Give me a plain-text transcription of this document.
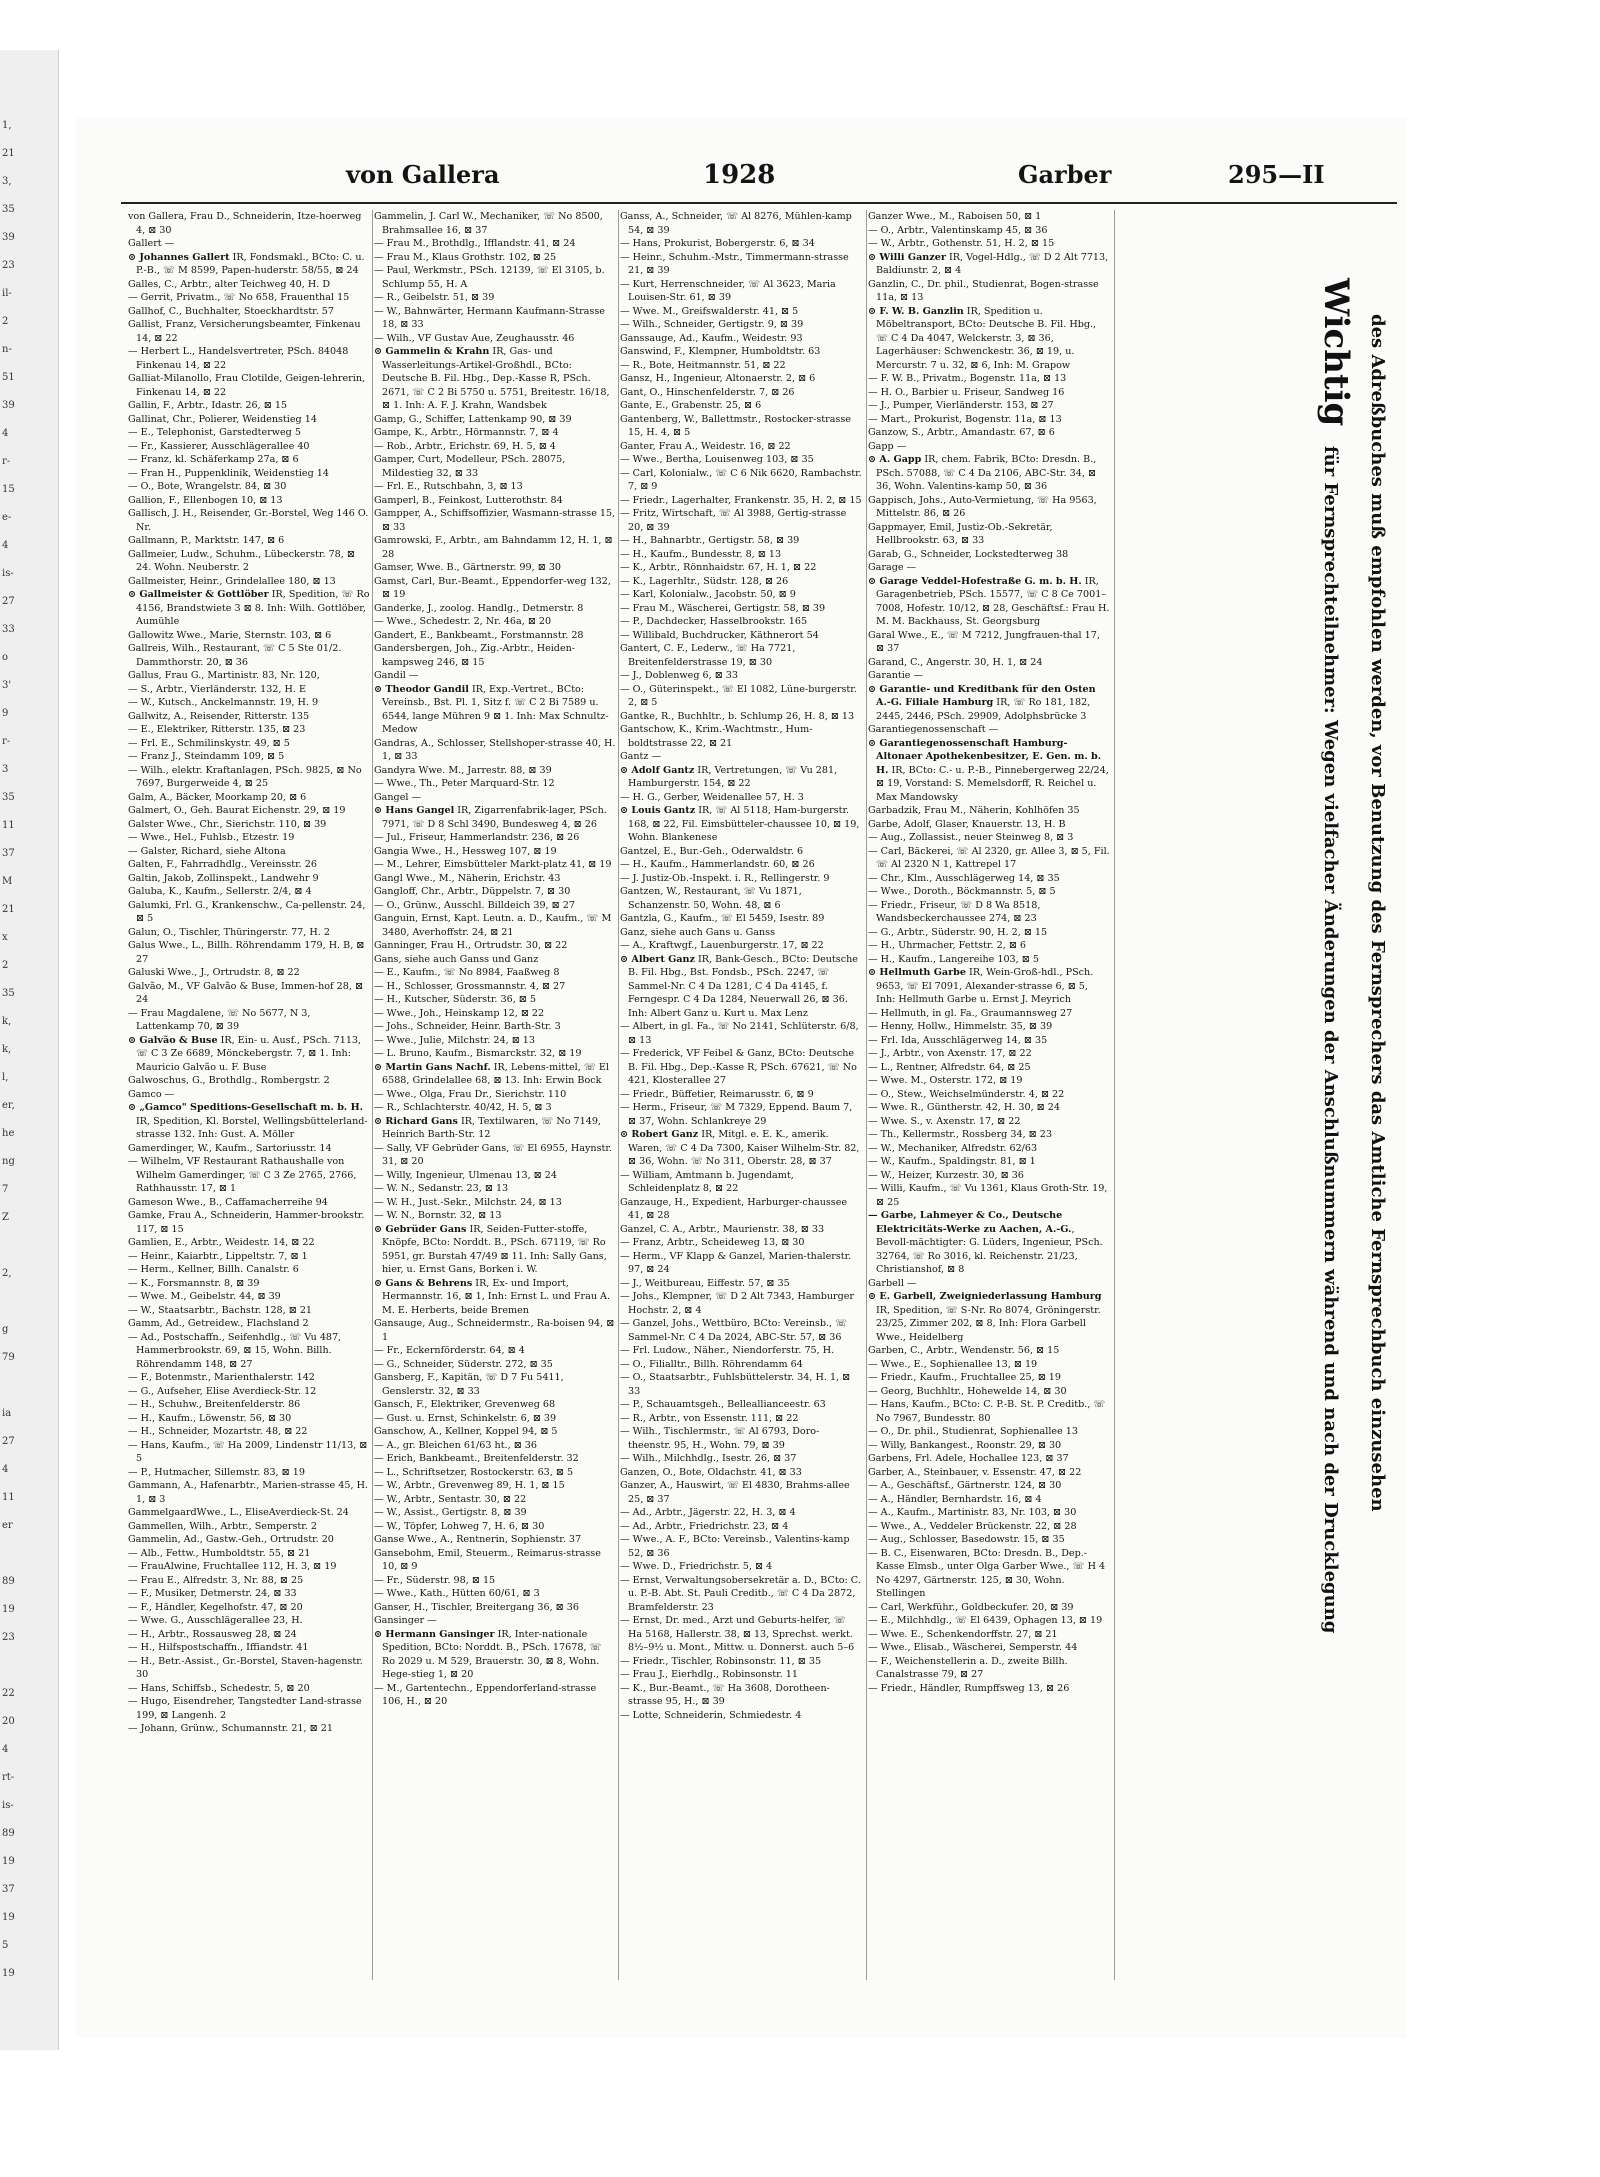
1,
21
3,
35
39
23
il-
2
n-
51
39
4
r-
15
e-
4
is-
27
33
o
3'
9
r-
3
35
11
37
M
21
x
2
35
k,
k,
l,
er,
he
ng
7
Z
2,
g
79
ia
27
4
11
er
89
19
23
22
20
4
rt-
is-
89
19
37
19
5
19
von Gallera	1928	Garber	295—II
von Gallera, Frau D., Schneiderin, Itze-hoerweg 4, ⊠ 30
Gallert —
⊙ Johannes Gallert IR, Fondsmakl., BCto: C. u. P.-B., ☏ M 8599, Papen-huderstr. 58/55, ⊠ 24
Galles, C., Arbtr., alter Teichweg 40, H. D
— Gerrit, Privatm., ☏ No 658, Frauenthal 15
Gallhof, C., Buchhalter, Stoeckhardtstr. 57
Gallist, Franz, Versicherungsbeamter, Finkenau 14, ⊠ 22
— Herbert L., Handelsvertreter, PSch. 84048 Finkenau 14, ⊠ 22
Galliat-Milanollo, Frau Clotilde, Geigen-lehrerin, Finkenau 14, ⊠ 22
Gallin, F., Arbtr., Idastr. 26, ⊠ 15
Gallinat, Chr., Polierer, Weidenstieg 14
— E., Telephonist, Garstedterweg 5
— Fr., Kassierer, Ausschlägerallee 40
— Franz, kl. Schäferkamp 27a, ⊠ 6
— Fran H., Puppenklinik, Weidenstieg 14
— O., Bote, Wrangelstr. 84, ⊠ 30
Gallion, F., Ellenbogen 10, ⊠ 13
Gallisch, J. H., Reisender, Gr.-Borstel, Weg 146 O. Nr.
Gallmann, P., Marktstr. 147, ⊠ 6
Gallmeier, Ludw., Schuhm., Lübeckerstr. 78, ⊠ 24. Wohn. Neuberstr. 2
Gallmeister, Heinr., Grindelallee 180, ⊠ 13
⊙ Gallmeister & Gottlöber IR, Spedition, ☏ Ro 4156, Brandstwiete 3 ⊠ 8. Inh: Wilh. Gottlöber, Aumühle
Gallowitz Wwe., Marie, Sternstr. 103, ⊠ 6
Gallreis, Wilh., Restaurant, ☏ C 5 Ste 01/2. Dammthorstr. 20, ⊠ 36
Gallus, Frau G., Martinistr. 83, Nr. 120,
— S., Arbtr., Vierländerstr. 132, H. E
— W., Kutsch., Anckelmannstr. 19, H. 9
Gallwitz, A., Reisender, Ritterstr. 135
— E., Elektriker, Ritterstr. 135, ⊠ 23
— Frl. E., Schmilinskystr. 49, ⊠ 5
— Franz J., Steindamm 109, ⊠ 5
— Wilh., elektr. Kraftanlagen, PSch. 9825, ⊠ No 7697, Burgerweide 4, ⊠ 25
Galm, A., Bäcker, Moorkamp 20, ⊠ 6
Galmert, O., Geh. Baurat Eichenstr. 29, ⊠ 19
Galster Wwe., Chr., Sierichstr. 110, ⊠ 39
— Wwe., Hel., Fuhlsb., Etzestr. 19
— Galster, Richard, siehe Altona
Galten, F., Fahrradhdlg., Vereinsstr. 26
Galtin, Jakob, Zollinspekt., Landwehr 9
Galuba, K., Kaufm., Sellerstr. 2/4, ⊠ 4
Galumki, Frl. G., Krankenschw., Ca-pellenstr. 24, ⊠ 5
Galun, O., Tischler, Thüringerstr. 77, H. 2
Galus Wwe., L., Billh. Röhrendamm 179, H. B, ⊠ 27
Galuski Wwe., J., Ortrudstr. 8, ⊠ 22
Galvão, M., VF Galvão & Buse, Immen-hof 28, ⊠ 24
— Frau Magdalene, ☏ No 5677, N 3, Lattenkamp 70, ⊠ 39
⊙ Galvão & Buse IR, Ein- u. Ausf., PSch. 7113, ☏ C 3 Ze 6689, Mönckebergstr. 7, ⊠ 1. Inh: Mauricio Galvão u. F. Buse
Galwoschus, G., Brothdlg., Rombergstr. 2
Gamco —
⊙ „Gamco" Speditions-Gesellschaft m. b. H. IR, Spedition, Kl. Borstel, Wellingsbüttelerland-strasse 132. Inh: Gust. A. Möller
Gamerdinger, W., Kaufm., Sartoriusstr. 14
— Wilhelm, VF Restaurant Rathaushalle von Wilhelm Gamerdinger, ☏ C 3 Ze 2765, 2766, Rathhausstr. 17, ⊠ 1
Gameson Wwe., B., Caffamacherreihe 94
Gamke, Frau A., Schneiderin, Hammer-brookstr. 117, ⊠ 15
Gamlien, E., Arbtr., Weidestr. 14, ⊠ 22
— Heinr., Kaiarbtr., Lippeltstr. 7, ⊠ 1
— Herm., Kellner, Billh. Canalstr. 6
— K., Forsmannstr. 8, ⊠ 39
— Wwe. M., Geibelstr. 44, ⊠ 39
— W., Staatsarbtr., Bachstr. 128, ⊠ 21
Gamm, Ad., Getreidew., Flachsland 2
— Ad., Postschaffn., Seifenhdlg., ☏ Vu 487, Hammerbrookstr. 69, ⊠ 15, Wohn. Billh. Röhrendamm 148, ⊠ 27
— F., Botenmstr., Marienthalerstr. 142
— G., Aufseher, Elise Averdieck-Str. 12
— H., Schuhw., Breitenfelderstr. 86
— H., Kaufm., Löwenstr. 56, ⊠ 30
— H., Schneider, Mozartstr. 48, ⊠ 22
— Hans, Kaufm., ☏ Ha 2009, Lindenstr 11/13, ⊠ 5
— P., Hutmacher, Sillemstr. 83, ⊠ 19
Gammann, A., Hafenarbtr., Marien-strasse 45, H. 1, ⊠ 3
GammelgaardWwe., L., EliseAverdieck-St. 24
Gammellen, Wilh., Arbtr., Semperstr. 2
Gammelin, Ad., Gastw.-Geh., Ortrudstr. 20
— Alb., Fettw., Humboldtstr. 55, ⊠ 21
— FrauAlwine, Fruchtallee 112, H. 3, ⊠ 19
— Frau E., Alfredstr. 3, Nr. 88, ⊠ 25
— F., Musiker, Detmerstr. 24, ⊠ 33
— F., Händler, Kegelhofstr. 47, ⊠ 20
— Wwe. G., Ausschlägerallee 23, H.
— H., Arbtr., Rossausweg 28, ⊠ 24
— H., Hilfspostschaffn., Iffiandstr. 41
— H., Betr.-Assist., Gr.-Borstel, Staven-hagenstr. 30
— Hans, Schiffsb., Schedestr. 5, ⊠ 20
— Hugo, Eisendreher, Tangstedter Land-strasse 199, ⊠ Langenh. 2
— Johann, Grünw., Schumannstr. 21, ⊠ 21
Gammelin, J. Carl W., Mechaniker, ☏ No 8500, Brahmsallee 16, ⊠ 37
— Frau M., Brothdlg., Ifflandstr. 41, ⊠ 24
— Frau M., Klaus Grothstr. 102, ⊠ 25
— Paul, Werkmstr., PSch. 12139, ☏ El 3105, b. Schlump 55, H. A
— R., Geibelstr. 51, ⊠ 39
— W., Bahnwärter, Hermann Kaufmann-Strasse 18, ⊠ 33
— Wilh., VF Gustav Aue, Zeughausstr. 46
⊙ Gammelin & Krahn IR, Gas- und Wasserleitungs-Artikel-Großhdl., BCto: Deutsche B. Fil. Hbg., Dep.-Kasse R, PSch. 2671, ☏ C 2 Bi 5750 u. 5751, Breitestr. 16/18, ⊠ 1. Inh: A. F. J. Krahn, Wandsbek
Gamp, G., Schiffer, Lattenkamp 90, ⊠ 39
Gampe, K., Arbtr., Hörmannstr. 7, ⊠ 4
— Rob., Arbtr., Erichstr. 69, H. 5, ⊠ 4
Gamper, Curt, Modelleur, PSch. 28075, Mildestieg 32, ⊠ 33
— Frl. E., Rutschbahn, 3, ⊠ 13
Gamperl, B., Feinkost, Lutterothstr. 84
Gampper, A., Schiffsoffizier, Wasmann-strasse 15, ⊠ 33
Gamrowski, F., Arbtr., am Bahndamm 12, H. 1, ⊠ 28
Gamser, Wwe. B., Gärtnerstr. 99, ⊠ 30
Gamst, Carl, Bur.-Beamt., Eppendorfer-weg 132, ⊠ 19
Ganderke, J., zoolog. Handlg., Detmerstr. 8
— Wwe., Schedestr. 2, Nr. 46a, ⊠ 20
Gandert, E., Bankbeamt., Forstmannstr. 28
Gandersbergen, Joh., Zig.-Arbtr., Heiden-kampsweg 246, ⊠ 15
Gandil —
⊙ Theodor Gandil IR, Exp.-Vertret., BCto: Vereinsb., Bst. Pl. 1, Sitz f. ☏ C 2 Bi 7589 u. 6544, lange Mühren 9 ⊠ 1. Inh: Max Schnultz-Medow
Gandras, A., Schlosser, Stellshoper-strasse 40, H. 1, ⊠ 33
Gandyra Wwe. M., Jarrestr. 88, ⊠ 39
— Wwe., Th., Peter Marquard-Str. 12
Gangel —
⊙ Hans Gangel IR, Zigarrenfabrik-lager, PSch. 7971, ☏ D 8 Schl 3490, Bundesweg 4, ⊠ 26
— Jul., Friseur, Hammerlandstr. 236, ⊠ 26
Gangia Wwe., H., Hessweg 107, ⊠ 19
— M., Lehrer, Eimsbütteler Markt-platz 41, ⊠ 19
Gangl Wwe., M., Näherin, Erichstr. 43
Gangloff, Chr., Arbtr., Düppelstr. 7, ⊠ 30
— O., Grünw., Ausschl. Billdeich 39, ⊠ 27
Ganguin, Ernst, Kapt. Leutn. a. D., Kaufm., ☏ M 3480, Averhoffstr. 24, ⊠ 21
Ganninger, Frau H., Ortrudstr. 30, ⊠ 22
Gans, siehe auch Ganss und Ganz
— E., Kaufm., ☏ No 8984, Faaßweg 8
— H., Schlosser, Grossmannstr. 4, ⊠ 27
— H., Kutscher, Süderstr. 36, ⊠ 5
— Wwe., Joh., Heinskamp 12, ⊠ 22
— Johs., Schneider, Heinr. Barth-Str. 3
— Wwe., Julie, Milchstr. 24, ⊠ 13
— L. Bruno, Kaufm., Bismarckstr. 32, ⊠ 19
⊙ Martin Gans Nachf. IR, Lebens-mittel, ☏ El 6588, Grindelallee 68, ⊠ 13. Inh: Erwin Bock
— Wwe., Olga, Frau Dr., Sierichstr. 110
— R., Schlachterstr. 40/42, H. 5, ⊠ 3
⊙ Richard Gans IR, Textilwaren, ☏ No 7149, Heinrich Barth-Str. 12
— Sally, VF Gebrüder Gans, ☏ El 6955, Haynstr. 31, ⊠ 20
— Willy, Ingenieur, Ulmenau 13, ⊠ 24
— W. N., Sedanstr. 23, ⊠ 13
— W. H., Just.-Sekr., Milchstr. 24, ⊠ 13
— W. N., Bornstr. 32, ⊠ 13
⊙ Gebrüder Gans IR, Seiden-Futter-stoffe, Knöpfe, BCto: Norddt. B., PSch. 67119, ☏ Ro 5951, gr. Burstah 47/49 ⊠ 11. Inh: Sally Gans, hier, u. Ernst Gans, Borken i. W.
⊙ Gans & Behrens IR, Ex- und Import, Hermannstr. 16, ⊠ 1, Inh: Ernst L. und Frau A. M. E. Herberts, beide Bremen
Gansauge, Aug., Schneidermstr., Ra-boisen 94, ⊠ 1
— Fr., Eckernförderstr. 64, ⊠ 4
— G., Schneider, Süderstr. 272, ⊠ 35
Gansberg, F., Kapitän, ☏ D 7 Fu 5411, Genslerstr. 32, ⊠ 33
Gansch, F., Elektriker, Grevenweg 68
— Gust. u. Ernst, Schinkelstr. 6, ⊠ 39
Ganschow, A., Kellner, Koppel 94, ⊠ 5
— A., gr. Bleichen 61/63 ht., ⊠ 36
— Erich, Bankbeamt., Breitenfelderstr. 32
— L., Schriftsetzer, Rostockerstr. 63, ⊠ 5
— W., Arbtr., Grevenweg 89, H. 1, ⊠ 15
— W., Arbtr., Sentastr. 30, ⊠ 22
— W., Assist., Gertigstr. 8, ⊠ 39
— W., Töpfer, Lohweg 7, H. 6, ⊠ 30
Ganse Wwe., A., Rentnerin, Sophienstr. 37
Gansebohm, Emil, Steuerm., Reimarus-strasse 10, ⊠ 9
— Fr., Süderstr. 98, ⊠ 15
— Wwe., Kath., Hütten 60/61, ⊠ 3
Ganser, H., Tischler, Breitergang 36, ⊠ 36
Gansinger —
⊙ Hermann Gansinger IR, Inter-nationale Spedition, BCto: Norddt. B., PSch. 17678, ☏ Ro 2029 u. M 529, Brauerstr. 30, ⊠ 8, Wohn. Hege-stieg 1, ⊠ 20
— M., Gartentechn., Eppendorferland-strasse 106, H., ⊠ 20
Ganss, A., Schneider, ☏ Al 8276, Mühlen-kamp 54, ⊠ 39
— Hans, Prokurist, Bobergerstr. 6, ⊠ 34
— Heinr., Schuhm.-Mstr., Timmermann-strasse 21, ⊠ 39
— Kurt, Herrenschneider, ☏ Al 3623, Maria Louisen-Str. 61, ⊠ 39
— Wwe. M., Greifswalderstr. 41, ⊠ 5
— Wilh., Schneider, Gertigstr. 9, ⊠ 39
Ganssauge, Ad., Kaufm., Weidestr. 93
Ganswind, F., Klempner, Humboldtstr. 63
— R., Bote, Heitmannstr. 51, ⊠ 22
Gansz, H., Ingenieur, Altonaerstr. 2, ⊠ 6
Gant, O., Hinschenfelderstr. 7, ⊠ 26
Gante, E., Grabenstr. 25, ⊠ 6
Gantenberg, W., Ballettmstr., Rostocker-strasse 15, H. 4, ⊠ 5
Ganter, Frau A., Weidestr. 16, ⊠ 22
— Wwe., Bertha, Louisenweg 103, ⊠ 35
— Carl, Kolonialw., ☏ C 6 Nik 6620, Rambachstr. 7, ⊠ 9
— Friedr., Lagerhalter, Frankenstr. 35, H. 2, ⊠ 15
— Fritz, Wirtschaft, ☏ Al 3988, Gertig-strasse 20, ⊠ 39
— H., Bahnarbtr., Gertigstr. 58, ⊠ 39
— H., Kaufm., Bundesstr. 8, ⊠ 13
— K., Arbtr., Rönnhaidstr. 67, H. 1, ⊠ 22
— K., Lagerhltr., Südstr. 128, ⊠ 26
— Karl, Kolonialw., Jacobstr. 50, ⊠ 9
— Frau M., Wäscherei, Gertigstr. 58, ⊠ 39
— P., Dachdecker, Hasselbrookstr. 165
— Willibald, Buchdrucker, Käthnerort 54
Gantert, C. F., Lederw., ☏ Ha 7721, Breitenfelderstrasse 19, ⊠ 30
— J., Doblenweg 6, ⊠ 33
— O., Güterinspekt., ☏ El 1082, Lüne-burgerstr. 2, ⊠ 5
Gantke, R., Buchhltr., b. Schlump 26, H. 8, ⊠ 13
Gantschow, K., Krim.-Wachtmstr., Hum-boldtstrasse 22, ⊠ 21
Gantz —
⊙ Adolf Gantz IR, Vertretungen, ☏ Vu 281, Hamburgerstr. 154, ⊠ 22
— H. G., Gerber, Weidenallee 57, H. 3
⊙ Louis Gantz IR, ☏ Al 5118, Ham-burgerstr. 168, ⊠ 22, Fil. Eimsbütteler-chaussee 10, ⊠ 19, Wohn. Blankenese
Gantzel, E., Bur.-Geh., Oderwaldstr. 6
— H., Kaufm., Hammerlandstr. 60, ⊠ 26
— J. Justiz-Ob.-Inspekt. i. R., Rellingerstr. 9
Gantzen, W., Restaurant, ☏ Vu 1871, Schanzenstr. 50, Wohn. 48, ⊠ 6
Gantzla, G., Kaufm., ☏ El 5459, Isestr. 89
Ganz, siehe auch Gans u. Ganss
— A., Kraftwgf., Lauenburgerstr. 17, ⊠ 22
⊙ Albert Ganz IR, Bank-Gesch., BCto: Deutsche B. Fil. Hbg., Bst. Fondsb., PSch. 2247, ☏ Sammel-Nr. C 4 Da 1281, C 4 Da 4145, f. Ferngespr. C 4 Da 1284, Neuerwall 26, ⊠ 36. Inh: Albert Ganz u. Kurt u. Max Lenz
— Albert, in gl. Fa., ☏ No 2141, Schlüterstr. 6/8, ⊠ 13
— Frederick, VF Feibel & Ganz, BCto: Deutsche B. Fil. Hbg., Dep.-Kasse R, PSch. 67621, ☏ No 421, Klosterallee 27
— Friedr., Büffetier, Reimarusstr. 6, ⊠ 9
— Herm., Friseur, ☏ M 7329, Eppend. Baum 7, ⊠ 37, Wohn. Schlankreye 29
⊙ Robert Ganz IR, Mitgl. e. E. K., amerik. Waren, ☏ C 4 Da 7300, Kaiser Wilhelm-Str. 82, ⊠ 36, Wohn. ☏ No 311, Oberstr. 28, ⊠ 37
— William, Amtmann b. Jugendamt, Schleidenplatz 8, ⊠ 22
Ganzauge, H., Expedient, Harburger-chaussee 41, ⊠ 28
Ganzel, C. A., Arbtr., Maurienstr. 38, ⊠ 33
— Franz, Arbtr., Scheideweg 13, ⊠ 30
— Herm., VF Klapp & Ganzel, Marien-thalerstr. 97, ⊠ 24
— J., Weitbureau, Eiffestr. 57, ⊠ 35
— Johs., Klempner, ☏ D 2 Alt 7343, Hamburger Hochstr. 2, ⊠ 4
— Ganzel, Johs., Wettbüro, BCto: Vereinsb., ☏ Sammel-Nr. C 4 Da 2024, ABC-Str. 57, ⊠ 36
— Frl. Ludow., Näher., Niendorferstr. 75, H.
— O., Filialltr., Billh. Röhrendamm 64
— O., Staatsarbtr., Fuhlsbüttelerstr. 34, H. 1, ⊠ 33
— P., Schauamtsgeh., Belleallianceestr. 63
— R., Arbtr., von Essenstr. 111, ⊠ 22
— Wilh., Tischlermstr., ☏ Al 6793, Doro-theenstr. 95, H., Wohn. 79, ⊠ 39
— Wilh., Milchhdlg., Isestr. 26, ⊠ 37
Ganzen, O., Bote, Oldachstr. 41, ⊠ 33
Ganzer, A., Hauswirt, ☏ El 4830, Brahms-allee 25, ⊠ 37
— Ad., Arbtr., Jägerstr. 22, H. 3, ⊠ 4
— Ad., Arbtr., Friedrichstr. 23, ⊠ 4
— Wwe., A. F., BCto: Vereinsb., Valentins-kamp 52, ⊠ 36
— Wwe. D., Friedrichstr. 5, ⊠ 4
— Ernst, Verwaltungsobersekretär a. D., BCto: C. u. P.-B. Abt. St. Pauli Creditb., ☏ C 4 Da 2872, Bramfelderstr. 23
— Ernst, Dr. med., Arzt und Geburts-helfer, ☏ Ha 5168, Hallerstr. 38, ⊠ 13, Sprechst. werkt. 8½–9½ u. Mont., Mittw. u. Donnerst. auch 5–6
— Friedr., Tischler, Robinsonstr. 11, ⊠ 35
— Frau J., Eierhdlg., Robinsonstr. 11
— K., Bur.-Beamt., ☏ Ha 3608, Dorotheen-strasse 95, H., ⊠ 39
— Lotte, Schneiderin, Schmiedestr. 4
Ganzer Wwe., M., Raboisen 50, ⊠ 1
— O., Arbtr., Valentinskamp 45, ⊠ 36
— W., Arbtr., Gothenstr. 51, H. 2, ⊠ 15
⊙ Willi Ganzer IR, Vogel-Hdlg., ☏ D 2 Alt 7713, Baldiunstr. 2, ⊠ 4
Ganzlin, C., Dr. phil., Studienrat, Bogen-strasse 11a, ⊠ 13
⊙ F. W. B. Ganzlin IR, Spedition u. Möbeltransport, BCto: Deutsche B. Fil. Hbg., ☏ C 4 Da 4047, Welckerstr. 3, ⊠ 36, Lagerhäuser: Schwenckestr. 36, ⊠ 19, u. Mercurstr. 7 u. 32, ⊠ 6, Inh: M. Grapow
— F. W. B., Privatm., Bogenstr. 11a, ⊠ 13
— H. O., Barbier u. Friseur, Sandweg 16
— J., Pumper, Vierländerstr. 153, ⊠ 27
— Mart., Prokurist, Bogenstr. 11a, ⊠ 13
Ganzow, S., Arbtr., Amandastr. 67, ⊠ 6
Gapp —
⊙ A. Gapp IR, chem. Fabrik, BCto: Dresdn. B., PSch. 57088, ☏ C 4 Da 2106, ABC-Str. 34, ⊠ 36, Wohn. Valentins-kamp 50, ⊠ 36
Gappisch, Johs., Auto-Vermietung, ☏ Ha 9563, Mittelstr. 86, ⊠ 26
Gappmayer, Emil, Justiz-Ob.-Sekretär, Hellbrookstr. 63, ⊠ 33
Garab, G., Schneider, Lockstedterweg 38
Garage —
⊙ Garage Veddel-Hofestraße G. m. b. H. IR, Garagenbetrieb, PSch. 15577, ☏ C 8 Ce 7001–7008, Hofestr. 10/12, ⊠ 28, Geschäftsf.: Frau H. M. M. Backhauss, St. Georgsburg
Garal Wwe., E., ☏ M 7212, Jungfrauen-thal 17, ⊠ 37
Garand, C., Angerstr. 30, H. 1, ⊠ 24
Garantie —
⊙ Garantie- und Kreditbank für den Osten A.-G. Filiale Hamburg IR, ☏ Ro 181, 182, 2445, 2446, PSch. 29909, Adolphsbrücke 3
Garantiegenossenschaft —
⊙ Garantiegenossenschaft Hamburg-Altonaer Apothekenbesitzer, E. Gen. m. b. H. IR, BCto: C.- u. P.-B., Pinnebergerweg 22/24, ⊠ 19, Vorstand: S. Memelsdorff, R. Reichel u. Max Mandowsky
Garbadzik, Frau M., Näherin, Kohlhöfen 35
Garbe, Adolf, Glaser, Knauerstr. 13, H. B
— Aug., Zollassist., neuer Steinweg 8, ⊠ 3
— Carl, Bäckerei, ☏ Al 2320, gr. Allee 3, ⊠ 5, Fil. ☏ Al 2320 N 1, Kattrepel 17
— Chr., Klm., Ausschlägerweg 14, ⊠ 35
— Wwe., Doroth., Böckmannstr. 5, ⊠ 5
— Friedr., Friseur, ☏ D 8 Wa 8518, Wandsbeckerchaussee 274, ⊠ 23
— G., Arbtr., Süderstr. 90, H. 2, ⊠ 15
— H., Uhrmacher, Fettstr. 2, ⊠ 6
— H., Kaufm., Langereihe 103, ⊠ 5
⊙ Hellmuth Garbe IR, Wein-Groß-hdl., PSch. 9653, ☏ El 7091, Alexander-strasse 6, ⊠ 5, Inh: Hellmuth Garbe u. Ernst J. Meyrich
— Hellmuth, in gl. Fa., Graumannsweg 27
— Henny, Hollw., Himmelstr. 35, ⊠ 39
— Frl. Ida, Ausschlägerweg 14, ⊠ 35
— J., Arbtr., von Axenstr. 17, ⊠ 22
— L., Rentner, Alfredstr. 64, ⊠ 25
— Wwe. M., Osterstr. 172, ⊠ 19
— O., Stew., Weichselmünderstr. 4, ⊠ 22
— Wwe. R., Güntherstr. 42, H. 30, ⊠ 24
— Wwe. S., v. Axenstr. 17, ⊠ 22
— Th., Kellermstr., Rossberg 34, ⊠ 23
— W., Mechaniker, Alfredstr. 62/63
— W., Kaufm., Spaldingstr. 81, ⊠ 1
— W., Heizer, Kurzestr. 30, ⊠ 36
— Willi, Kaufm., ☏ Vu 1361, Klaus Groth-Str. 19, ⊠ 25
— Garbe, Lahmeyer & Co., Deutsche Elektricitäts-Werke zu Aachen, A.-G., Bevoll-mächtigter: G. Lüders, Ingenieur, PSch. 32764, ☏ Ro 3016, kl. Reichenstr. 21/23, Christianshof, ⊠ 8
Garbell —
⊙ E. Garbell, Zweigniederlassung Hamburg IR, Spedition, ☏ S-Nr. Ro 8074, Gröningerstr. 23/25, Zimmer 202, ⊠ 8, Inh: Flora Garbell Wwe., Heidelberg
Garben, C., Arbtr., Wendenstr. 56, ⊠ 15
— Wwe., E., Sophienallee 13, ⊠ 19
— Friedr., Kaufm., Fruchtallee 25, ⊠ 19
— Georg, Buchhltr., Hohewelde 14, ⊠ 30
— Hans, Kaufm., BCto: C. P.-B. St. P. Creditb., ☏ No 7967, Bundesstr. 80
— O., Dr. phil., Studienrat, Sophienallee 13
— Willy, Bankangest., Roonstr. 29, ⊠ 30
Garbens, Frl. Adele, Hochallee 123, ⊠ 37
Garber, A., Steinbauer, v. Essenstr. 47, ⊠ 22
— A., Geschäftsf., Gärtnerstr. 124, ⊠ 30
— A., Händler, Bernhardstr. 16, ⊠ 4
— A., Kaufm., Martinistr. 83, Nr. 103, ⊠ 30
— Wwe., A., Veddeler Brückenstr. 22, ⊠ 28
— Aug., Schlosser, Basedowstr. 15, ⊠ 35
— B. C., Eisenwaren, BCto: Dresdn. B., Dep.-Kasse Elmsb., unter Olga Garber Wwe., ☏ H 4 No 4297, Gärtnerstr. 125, ⊠ 30, Wohn. Stellingen
— Carl, Werkführ., Goldbeckufer. 20, ⊠ 39
— E., Milchhdlg., ☏ El 6439, Ophagen 13, ⊠ 19
— Wwe. E., Schenkendorffstr. 27, ⊠ 21
— Wwe., Elisab., Wäscherei, Semperstr. 44
— F., Weichenstellerin a. D., zweite Billh. Canalstrasse 79, ⊠ 27
— Friedr., Händler, Rumpffsweg 13, ⊠ 26
Wichtig für Fernsprechteilnehmer: Wegen vielfacher Änderungen der Anschlußnummern während und nach der Drucklegung	des Adreßbuches muß empfohlen werden, vor Benutzung des Fernsprechers das Amtliche Fernsprechbuch einzusehen
